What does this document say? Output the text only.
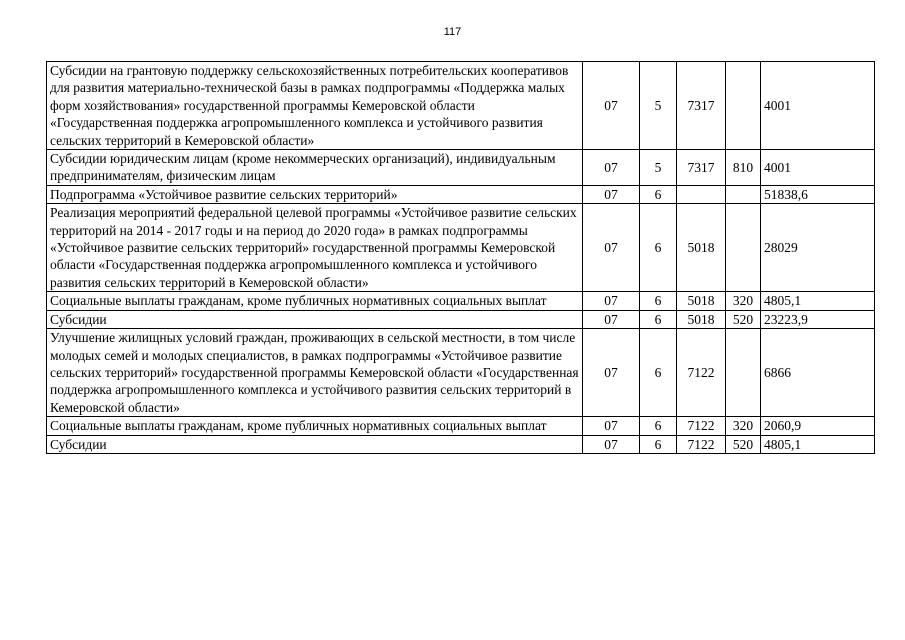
117
Субсидии на грантовую поддержку сельскохозяйственных потребительских кооперативов для развития материально-технической базы в рамках подпрограммы «Поддержка малых форм хозяйствования» государственной программы Кемеровской области «Государственная поддержка агропромышленного комплекса и устойчивого развития сельских территорий в Кемеровской области»	07	5	7317		4001
Субсидии юридическим лицам (кроме некоммерческих организаций), индивидуальным предпринимателям, физическим лицам	07	5	7317	810	4001
Подпрограмма «Устойчивое развитие сельских территорий»	07	6			51838,6
Реализация мероприятий федеральной целевой программы «Устойчивое развитие сельских территорий на 2014 - 2017 годы и на период до 2020 года» в рамках подпрограммы «Устойчивое развитие сельских территорий» государственной программы Кемеровской области «Государственная поддержка агропромышленного комплекса и устойчивого развития сельских территорий в Кемеровской области»	07	6	5018		28029
Социальные выплаты гражданам, кроме публичных нормативных социальных выплат	07	6	5018	320	4805,1
Субсидии	07	6	5018	520	23223,9
Улучшение жилищных условий граждан, проживающих в сельской местности, в том числе молодых семей и молодых специалистов, в рамках подпрограммы «Устойчивое развитие сельских территорий» государственной программы Кемеровской области «Государственная поддержка агропромышленного комплекса и устойчивого развития сельских территорий в Кемеровской области»	07	6	7122		6866
Социальные выплаты гражданам, кроме публичных нормативных социальных выплат	07	6	7122	320	2060,9
Субсидии	07	6	7122	520	4805,1
